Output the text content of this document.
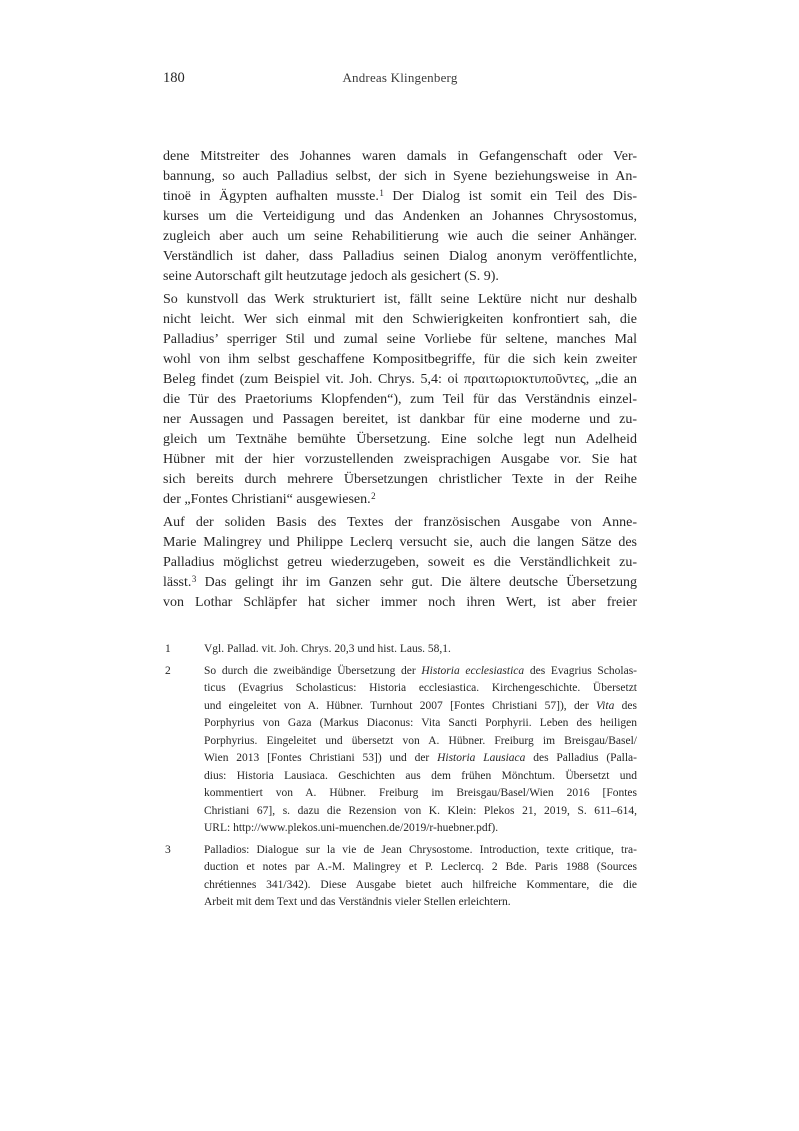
180	Andreas Klingenberg
dene Mitstreiter des Johannes waren damals in Gefangenschaft oder Ver-
bannung, so auch Palladius selbst, der sich in Syene beziehungsweise in An-
tinoë in Ägypten aufhalten musste.$^1$ Der Dialog ist somit ein Teil des Dis-
kurses um die Verteidigung und das Andenken an Johannes Chrysostomus,
zugleich aber auch um seine Rehabilitierung wie auch die seiner Anhänger.
Verständlich ist daher, dass Palladius seinen Dialog anonym veröffentlichte,
seine Autorschaft gilt heutzutage jedoch als gesichert (S. 9).
So kunstvoll das Werk strukturiert ist, fällt seine Lektüre nicht nur deshalb
nicht leicht. Wer sich einmal mit den Schwierigkeiten konfrontiert sah, die
Palladius’ sperriger Stil und zumal seine Vorliebe für seltene, manches Mal
wohl von ihm selbst geschaffene Kompositbegriffe, für die sich kein zweiter
Beleg findet (zum Beispiel vit. Joh. Chrys. 5,4: οἱ πραιτωριοκτυποῦντες, „die an
die Tür des Praetoriums Klopfenden“), zum Teil für das Verständnis einzel-
ner Aussagen und Passagen bereitet, ist dankbar für eine moderne und zu-
gleich um Textnähe bemühte Übersetzung. Eine solche legt nun Adelheid
Hübner mit der hier vorzustellenden zweisprachigen Ausgabe vor. Sie hat
sich bereits durch mehrere Übersetzungen christlicher Texte in der Reihe
der „Fontes Christiani“ ausgewiesen.$^2$
Auf der soliden Basis des Textes der französischen Ausgabe von Anne-
Marie Malingrey und Philippe Leclerq versucht sie, auch die langen Sätze des
Palladius möglichst getreu wiederzugeben, soweit es die Verständlichkeit zu-
lässt.$^3$ Das gelingt ihr im Ganzen sehr gut. Die ältere deutsche Übersetzung
von Lothar Schläpfer hat sicher immer noch ihren Wert, ist aber freier
1	Vgl. Pallad. vit. Joh. Chrys. 20,3 und hist. Laus. 58,1.
2	So durch die zweibändige Übersetzung der Historia ecclesiastica des Evagrius Scholas-
ticus (Evagrius Scholasticus: Historia ecclesiastica. Kirchengeschichte. Übersetzt
und eingeleitet von A. Hübner. Turnhout 2007 [Fontes Christiani 57]), der Vita des
Porphyrius von Gaza (Markus Diaconus: Vita Sancti Porphyrii. Leben des heiligen
Porphyrius. Eingeleitet und übersetzt von A. Hübner. Freiburg im Breisgau/Basel/
Wien 2013 [Fontes Christiani 53]) und der Historia Lausiaca des Palladius (Palla-
dius: Historia Lausiaca. Geschichten aus dem frühen Mönchtum. Übersetzt und
kommentiert von A. Hübner. Freiburg im Breisgau/Basel/Wien 2016 [Fontes
Christiani 67], s. dazu die Rezension von K. Klein: Plekos 21, 2019, S. 611–614,
URL: http://www.plekos.uni-muenchen.de/2019/r-huebner.pdf).
3	Palladios: Dialogue sur la vie de Jean Chrysostome. Introduction, texte critique, tra-
duction et notes par A.-M. Malingrey et P. Leclercq. 2 Bde. Paris 1988 (Sources
chrétiennes 341/342). Diese Ausgabe bietet auch hilfreiche Kommentare, die die
Arbeit mit dem Text und das Verständnis vieler Stellen erleichtern.
